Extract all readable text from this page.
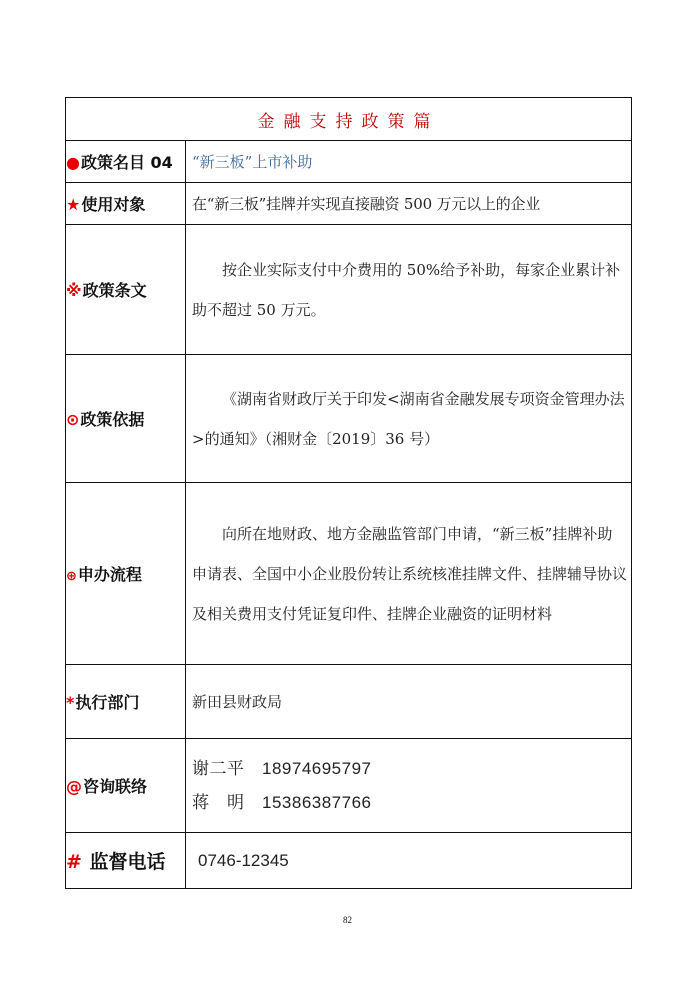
金融支持政策篇	
●政策名目 04	“新三板”上市补助
★使用对象	在“新三板”挂牌并实现直接融资 500 万元以上的企业
※政策条文	按企业实际支付中介费用的 50%给予补助，每家企业累计补助不超过 50 万元。

⊙政策依据	《湖南省财政厅关于印发<湖南省金融发展专项资金管理办法>的通知》（湘财金〔2019〕36 号）

⊕申办流程	向所在地财政、地方金融监管部门申请，“新三板”挂牌补助申请表、全国中小企业股份转让系统核准挂牌文件、挂牌辅导协议及相关费用支付凭证复印件、挂牌企业融资的证明材料

*执行部门	新田县财政局
@咨询联络	谢二平 18974695797
蒋　明 15386387766

# 监督电话	0746-12345
82
